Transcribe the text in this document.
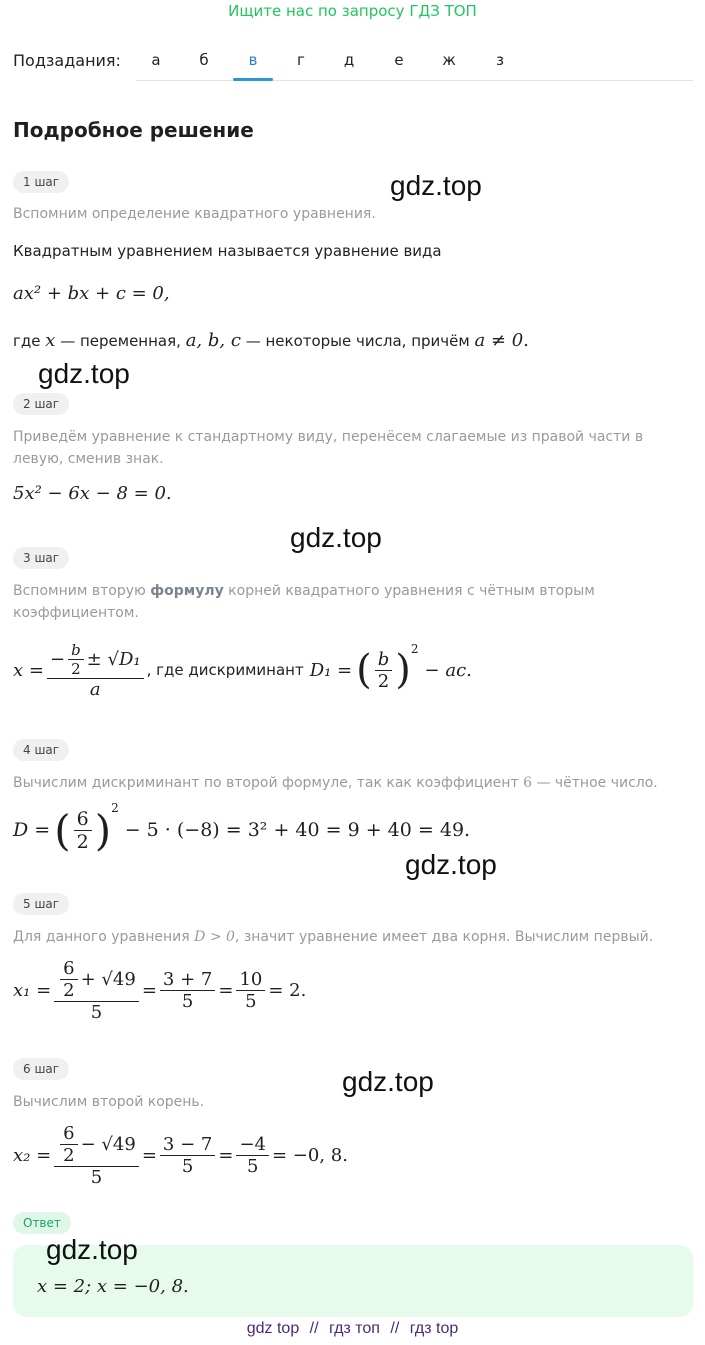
Ищите нас по запросу ГДЗ ТОП
Подзадания:	а	б	в	г	д	е	ж	з
Подробное решение
1 шаг	gdz.top
Вспомним определение квадратного уравнения.
Квадратным уравнением называется уравнение вида
ax² + bx + c = 0,
где x — переменная, a, b, c — некоторые числа, причём a ≠ 0.
gdz.top
2 шаг
Приведём уравнение к стандартному виду, перенёсем слагаемые из правой части в левую, сменив знак.
5x² − 6x − 8 = 0.
gdz.top
3 шаг
Вспомним вторую формулу корней квадратного уравнения с чётным вторым коэффициентом.
$x = \frac{- \frac{b}{2} \pm √D_1}{a}$ , где дискриминант D₁ = ( $\frac{b}{2}$ ) 2
− ac.
4 шаг
Вычислим дискриминант по второй формуле, так как коэффициент 6 — чётное число.
D = ( $\frac{6}{2}$ ) 2
− 5 · (−8) = 3² + 40 = 9 + 40 = 49.
gdz.top
5 шаг
Для данного уравнения D > 0, значит уравнение имеет два корня. Вычислим первый.
$x_1 = \frac{\frac{6}{2} + √49}{5} = \frac{3 + 7}{5} = \frac{10}{5} = 2$.
6 шаг	gdz.top
Вычислим второй корень.
$x_2 = \frac{\frac{6}{2} - √49}{5} = \frac{3 - 7}{5} = \frac{-4}{5} = -0$, 8.
Ответ
gdz.top
x = 2; x = −0, 8.
gdz top // гдз топ // гдз top
